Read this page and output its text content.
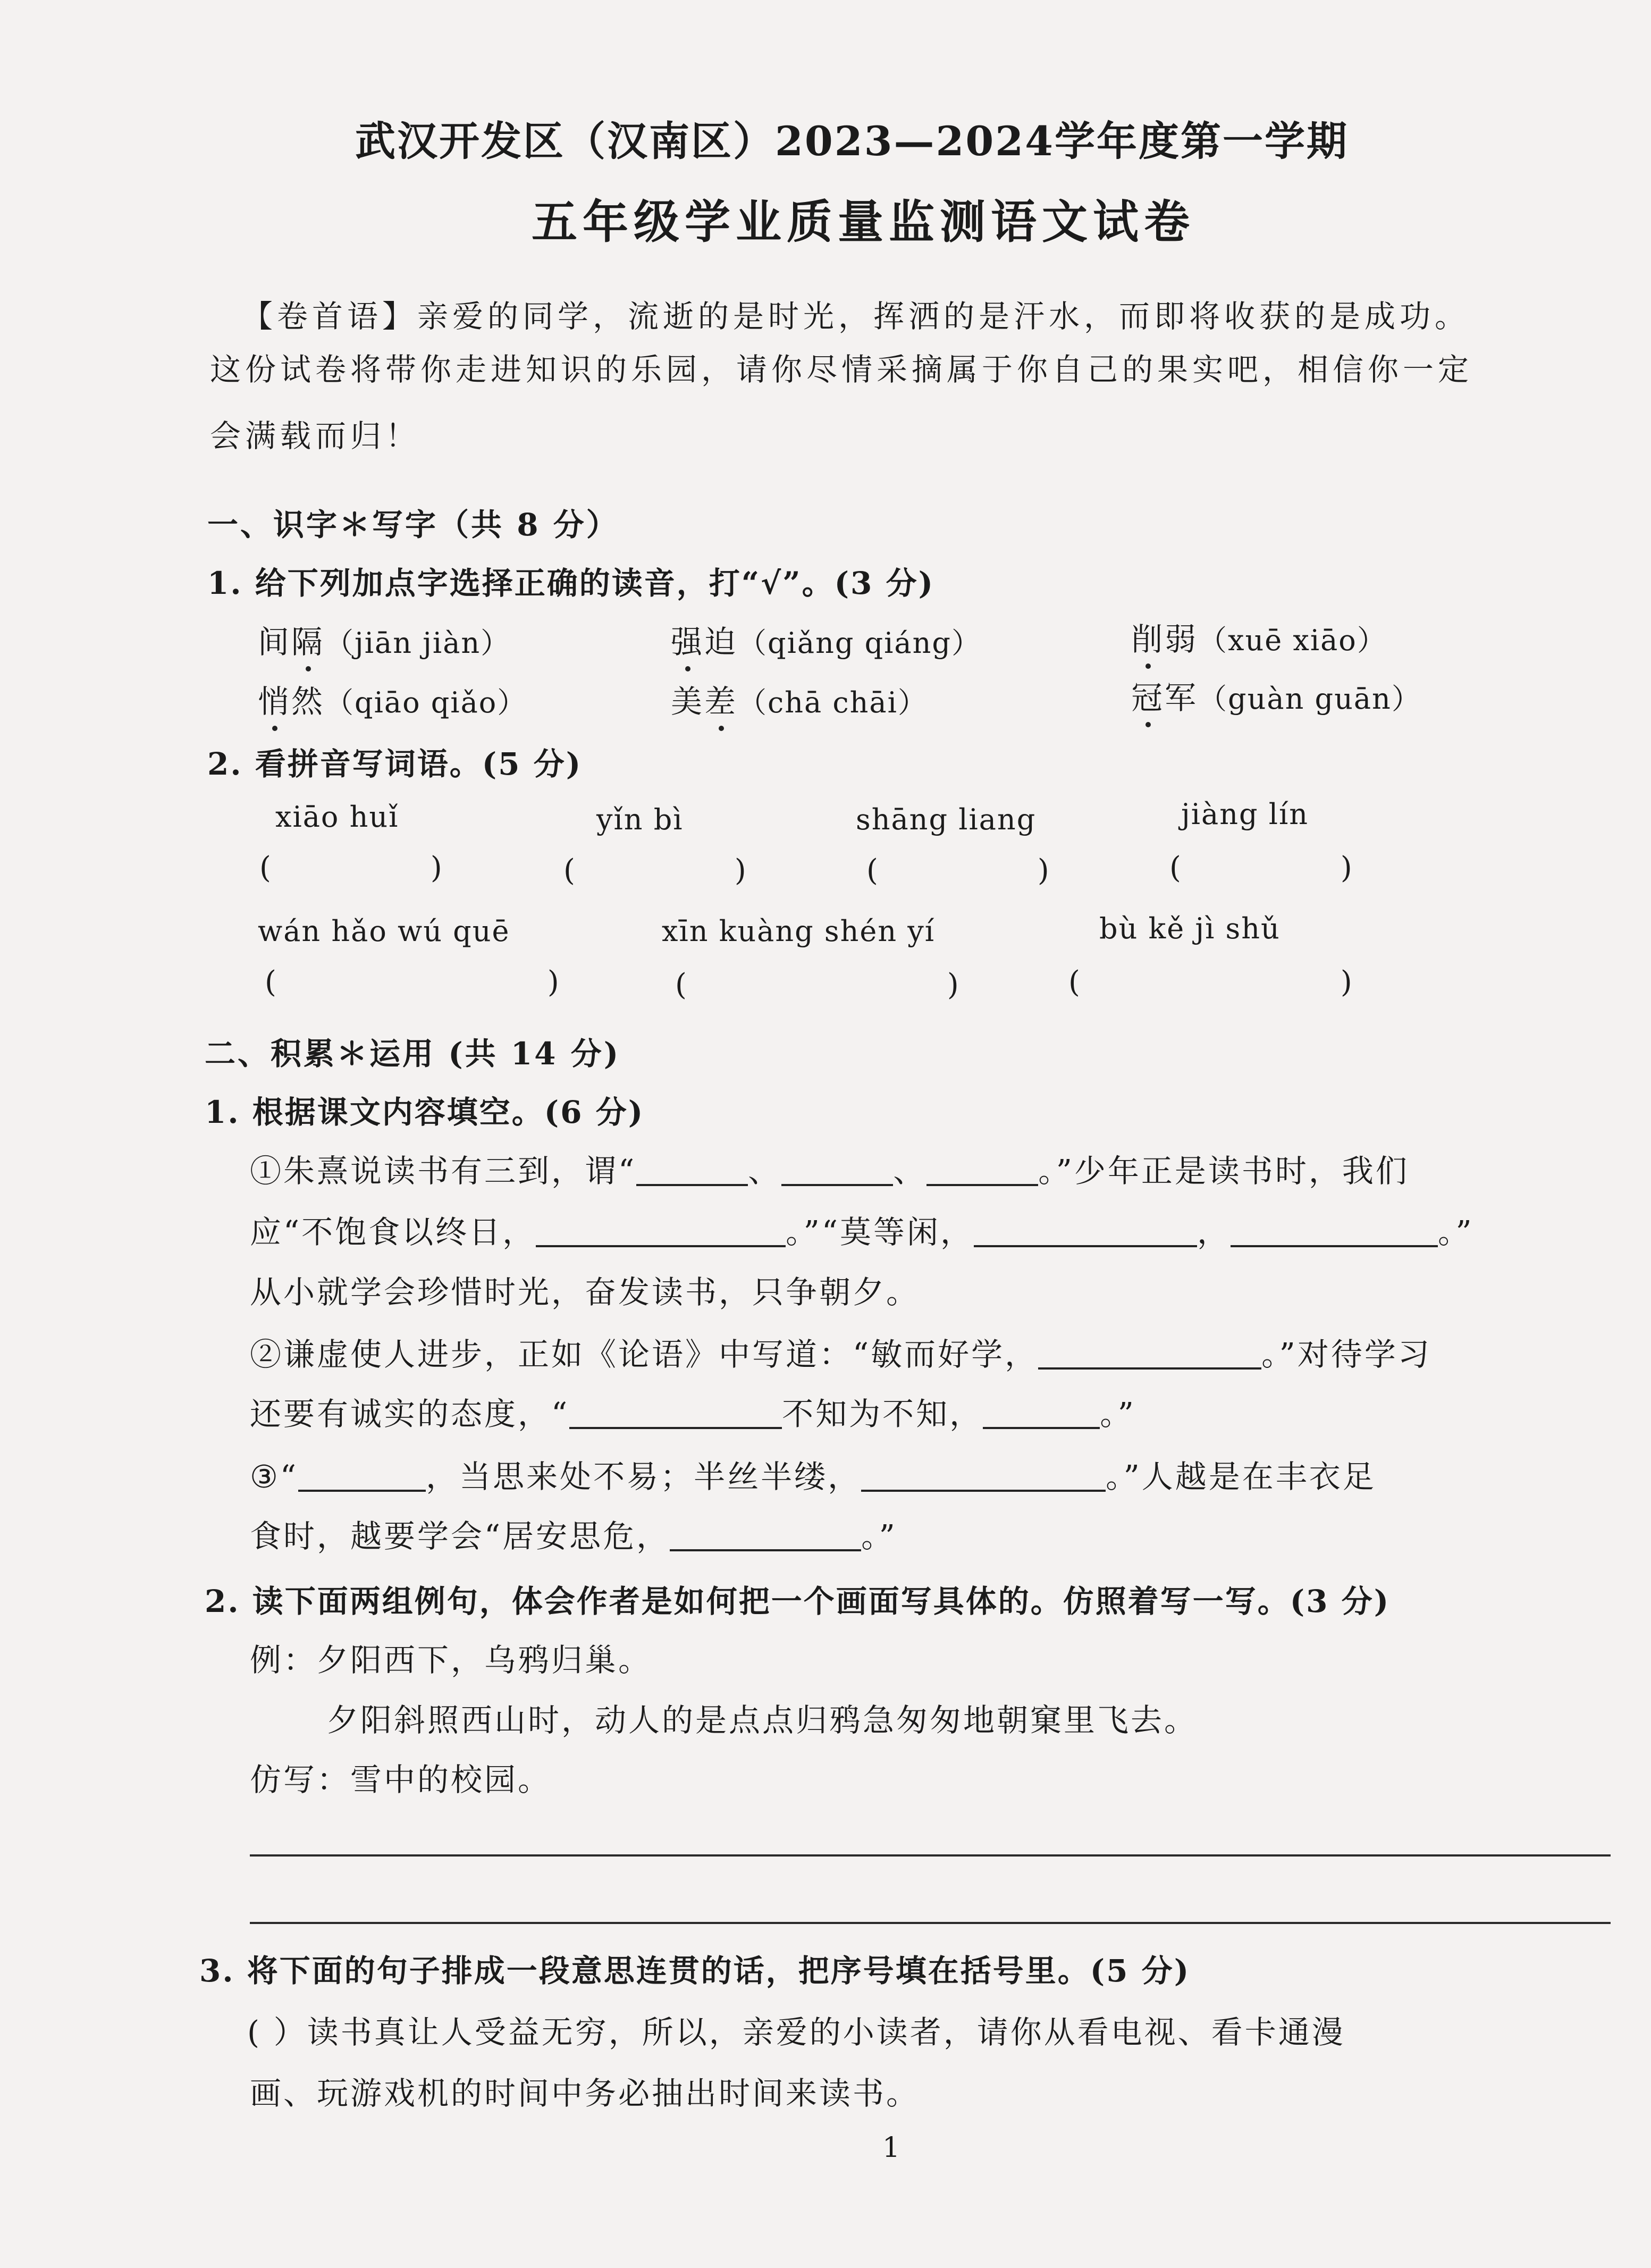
武汉开发区（汉南区）2023—2024学年度第一学期
五年级学业质量监测语文试卷
【卷首语】亲爱的同学，流逝的是时光，挥洒的是汗水，而即将收获的是成功。
这份试卷将带你走进知识的乐园，请你尽情采摘属于你自己的果实吧，相信你一定
会满载而归！
一、识字＊写字（共 8 分）
1. 给下列加点字选择正确的读音，打“√”。(3 分)
间隔（jiān jiàn）	强迫（qiǎng qiáng）	削弱（xuē xiāo）
悄然（qiāo qiǎo）	美差（chā chāi）	冠军（guàn guān）
2. 看拼音写词语。(5 分)
xiāo huǐ	yǐn bì	shāng liang	jiàng lín
(	)	(	)	(	)	(	)
wán hǎo wú quē	xīn kuàng shén yí	bù kě jì shǔ
(	)	(	)	(	)
二、积累＊运用 (共 14 分)
1. 根据课文内容填空。(6 分)
①朱熹说读书有三到，谓“	、	、	。”少年正是读书时，我们
应“不饱食以终日，	。”“莫等闲，	，	。”
从小就学会珍惜时光，奋发读书，只争朝夕。
②谦虚使人进步，正如《论语》中写道：“敏而好学，	。”对待学习
还要有诚实的态度，“	不知为不知，	。”
③“	，当思来处不易；半丝半缕，	。”人越是在丰衣足
食时，越要学会“居安思危，	。”
2. 读下面两组例句，体会作者是如何把一个画面写具体的。仿照着写一写。(3 分)
例：夕阳西下，乌鸦归巢。
夕阳斜照西山时，动人的是点点归鸦急匆匆地朝窠里飞去。
仿写：雪中的校园。
3. 将下面的句子排成一段意思连贯的话，把序号填在括号里。(5 分)
( ）读书真让人受益无穷，所以，亲爱的小读者，请你从看电视、看卡通漫
画、玩游戏机的时间中务必抽出时间来读书。
1
